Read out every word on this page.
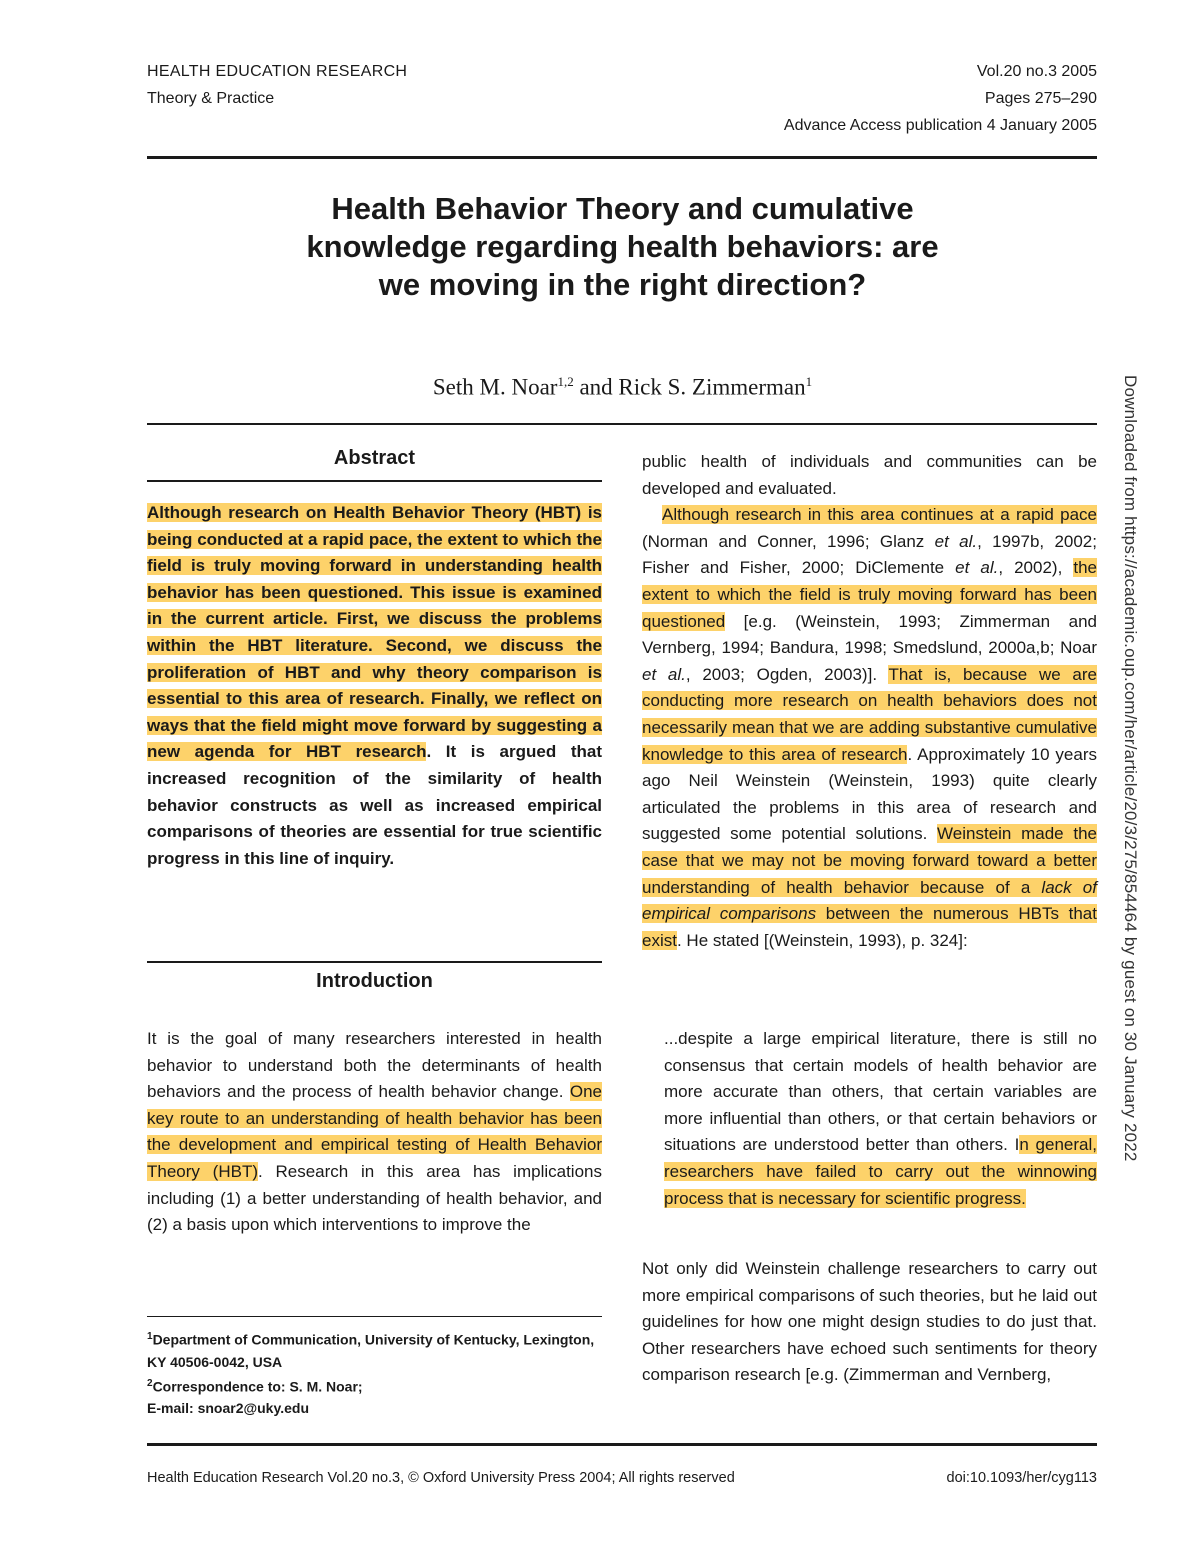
HEALTH EDUCATION RESEARCH
Theory & Practice
Vol.20 no.3 2005
Pages 275–290
Advance Access publication 4 January 2005
Health Behavior Theory and cumulative
knowledge regarding health behaviors: are
we moving in the right direction?
Seth M. Noar$^{1,2}$ and Rick S. Zimmerman$^1$
Abstract
Although research on Health Behavior Theory (HBT) is being conducted at a rapid pace, the extent to which the field is truly moving forward in understanding health behavior has been questioned. This issue is examined in the current article. First, we discuss the problems within the HBT literature. Second, we discuss the proliferation of HBT and why theory comparison is essential to this area of research. Finally, we reflect on ways that the field might move forward by suggesting a new agenda for HBT research. It is argued that increased recognition of the similarity of health behavior constructs as well as increased empirical comparisons of theories are essential for true scientific progress in this line of inquiry.
Introduction
It is the goal of many researchers interested in health behavior to understand both the determinants of health behaviors and the process of health behavior change. One key route to an understanding of health behavior has been the development and empirical testing of Health Behavior Theory (HBT). Research in this area has implications including (1) a better understanding of health behavior, and (2) a basis upon which interventions to improve the
$^1$Department of Communication, University of Kentucky, Lexington, KY 40506-0042, USA
$^2$Correspondence to: S. M. Noar;
E-mail: snoar2@uky.edu

public health of individuals and communities can be developed and evaluated.

Although research in this area continues at a rapid pace (Norman and Conner, 1996; Glanz et al., 1997b, 2002; Fisher and Fisher, 2000; DiClemente et al., 2002), the extent to which the field is truly moving forward has been questioned [e.g. (Weinstein, 1993; Zimmerman and Vernberg, 1994; Bandura, 1998; Smedslund, 2000a,b; Noar et al., 2003; Ogden, 2003)]. That is, because we are conducting more research on health behaviors does not necessarily mean that we are adding substantive cumulative knowledge to this area of research. Approximately 10 years ago Neil Weinstein (Weinstein, 1993) quite clearly articulated the problems in this area of research and suggested some potential solutions. Weinstein made the case that we may not be moving forward toward a better understanding of health behavior because of a lack of empirical comparisons between the numerous HBTs that exist. He stated [(Weinstein, 1993), p. 324]:

...despite a large empirical literature, there is still no consensus that certain models of health behavior are more accurate than others, that certain variables are more influential than others, or that certain behaviors or situations are understood better than others. In general, researchers have failed to carry out the winnowing process that is necessary for scientific progress.
Not only did Weinstein challenge researchers to carry out more empirical comparisons of such theories, but he laid out guidelines for how one might design studies to do just that. Other researchers have echoed such sentiments for theory comparison research [e.g. (Zimmerman and Vernberg,
Health Education Research Vol.20 no.3, © Oxford University Press 2004; All rights reserved	doi:10.1093/her/cyg113
Downloaded from https://academic.oup.com/her/article/20/3/275/854464 by guest on 30 January 2022
